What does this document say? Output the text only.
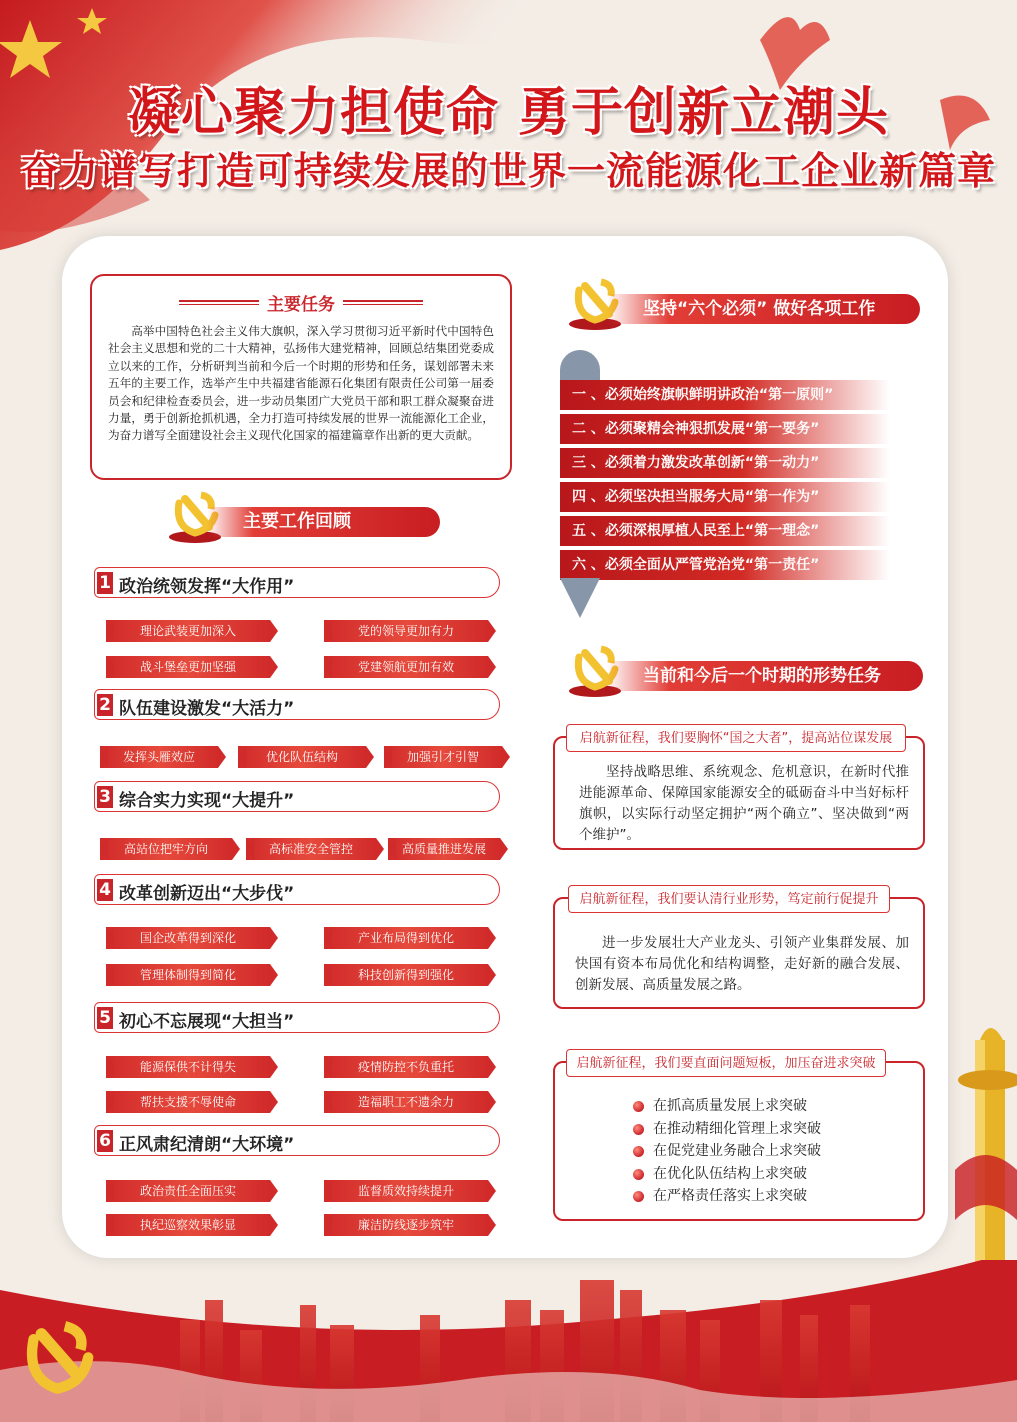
凝心聚力担使命 勇于创新立潮头
奋力谱写打造可持续发展的世界一流能源化工企业新篇章
主要任务

高举中国特色社会主义伟大旗帜，深入学习贯彻习近平新时代中国特色社会主义思想和党的二十大精神，弘扬伟大建党精神，回顾总结集团党委成立以来的工作，分析研判当前和今后一个时期的形势和任务，谋划部署未来五年的主要工作，选举产生中共福建省能源石化集团有限责任公司第一届委员会和纪律检查委员会，进一步动员集团广大党员干部和职工群众凝聚奋进力量，勇于创新抢抓机遇，全力打造可持续发展的世界一流能源化工企业，为奋力谱写全面建设社会主义现代化国家的福建篇章作出新的更大贡献。

主要工作回顾
1 政治统领发挥“大作用”
理论武装更加深入	党的领导更加有力
战斗堡垒更加坚强	党建领航更加有效
2 队伍建设激发“大活力”
发挥头雁效应	优化队伍结构	加强引才引智
3 综合实力实现“大提升”
高站位把牢方向	高标准安全管控	高质量推进发展
4 改革创新迈出“大步伐”
国企改革得到深化	产业布局得到优化
管理体制得到简化	科技创新得到强化
5 初心不忘展现“大担当”
能源保供不计得失	疫情防控不负重托
帮扶支援不辱使命	造福职工不遗余力
6 正风肃纪清朗“大环境”
政治责任全面压实	监督质效持续提升
执纪巡察效果彰显	廉洁防线逐步筑牢
坚持“六个必须” 做好各项工作
一 、必须始终旗帜鲜明讲政治“第一原则”
二 、必须聚精会神狠抓发展“第一要务”
三 、必须着力激发改革创新“第一动力”
四 、必须坚决担当服务大局“第一作为”
五 、必须深根厚植人民至上“第一理念”
六 、必须全面从严管党治党“第一责任”
当前和今后一个时期的形势任务

坚持战略思维、系统观念、危机意识，在新时代推进能源革命、保障国家能源安全的砥砺奋斗中当好标杆旗帜，以实际行动坚定拥护“两个确立”、坚决做到“两个维护”。

启航新征程，我们要胸怀“国之大者”，提高站位谋发展

进一步发展壮大产业龙头、引领产业集群发展、加快国有资本布局优化和结构调整，走好新的融合发展、创新发展、高质量发展之路。

启航新征程，我们要认清行业形势，笃定前行促提升
在抓高质量发展上求突破
在推动精细化管理上求突破
在促党建业务融合上求突破
在优化队伍结构上求突破
在严格责任落实上求突破
启航新征程，我们要直面问题短板，加压奋进求突破
